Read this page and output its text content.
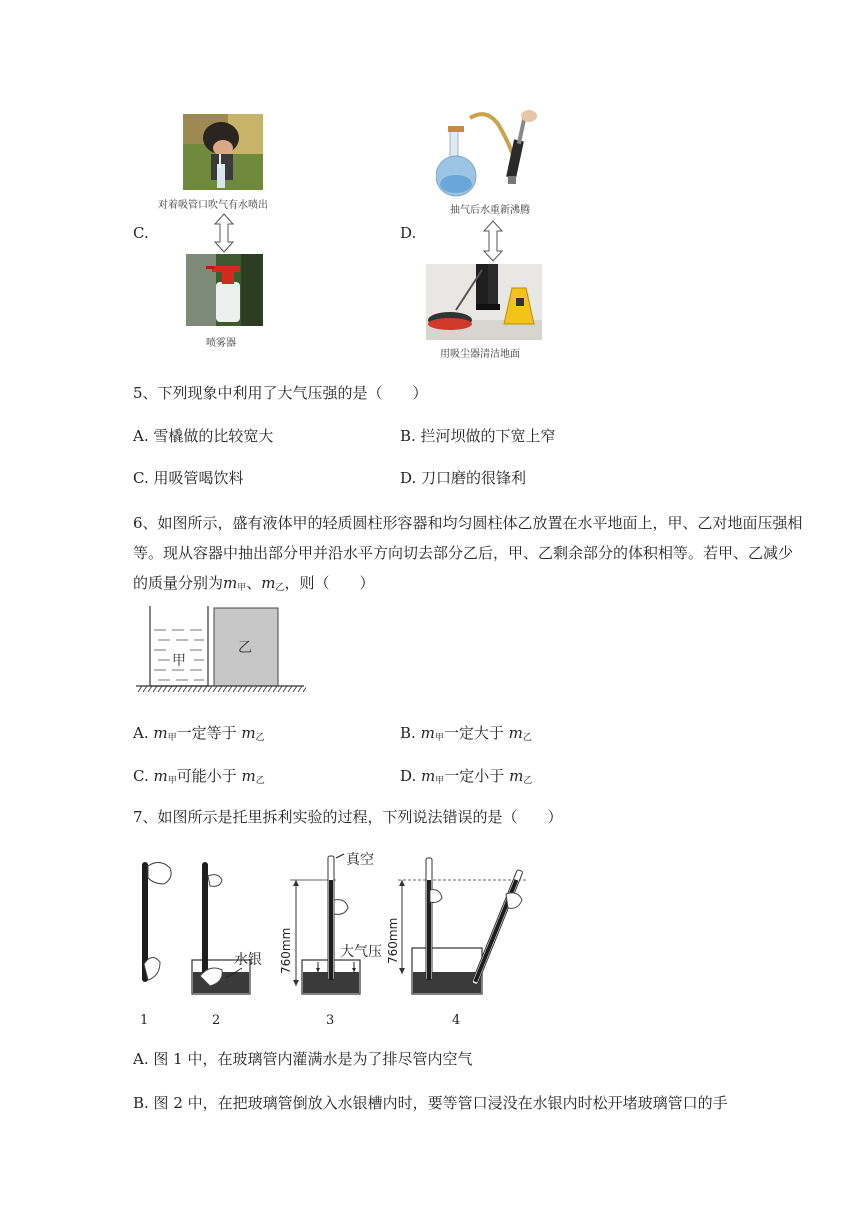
对着吸管口吹气有水喷出
C.
喷雾器
抽气后水重新沸腾
D.
用吸尘器清洁地面
5、下列现象中利用了大气压强的是（　　）
A. 雪橇做的比较宽大	B. 拦河坝做的下宽上窄
C. 用吸管喝饮料	D. 刀口磨的很锋利
6、如图所示，盛有液体甲的轻质圆柱形容器和均匀圆柱体乙放置在水平地面上，甲、乙对地面压强相等。现从容器中抽出部分甲并沿水平方向切去部分乙后，甲、乙剩余部分的体积相等。若甲、乙减少的质量分别为$m_甲$、$m_乙$，则（　　）
甲
乙
A. $m_甲$一定等于 $m_乙$	B. $m_甲$一定大于 $m_乙$
C. $m_甲$可能小于 $m_乙$	D. $m_甲$一定小于 $m_乙$
7、如图所示是托里拆利实验的过程，下列说法错误的是（　　）
1
水银
2
760mm
真空
大气压
3
760mm
4
A. 图 1 中，在玻璃管内灌满水是为了排尽管内空气
B. 图 2 中，在把玻璃管倒放入水银槽内时，要等管口浸没在水银内时松开堵玻璃管口的手
